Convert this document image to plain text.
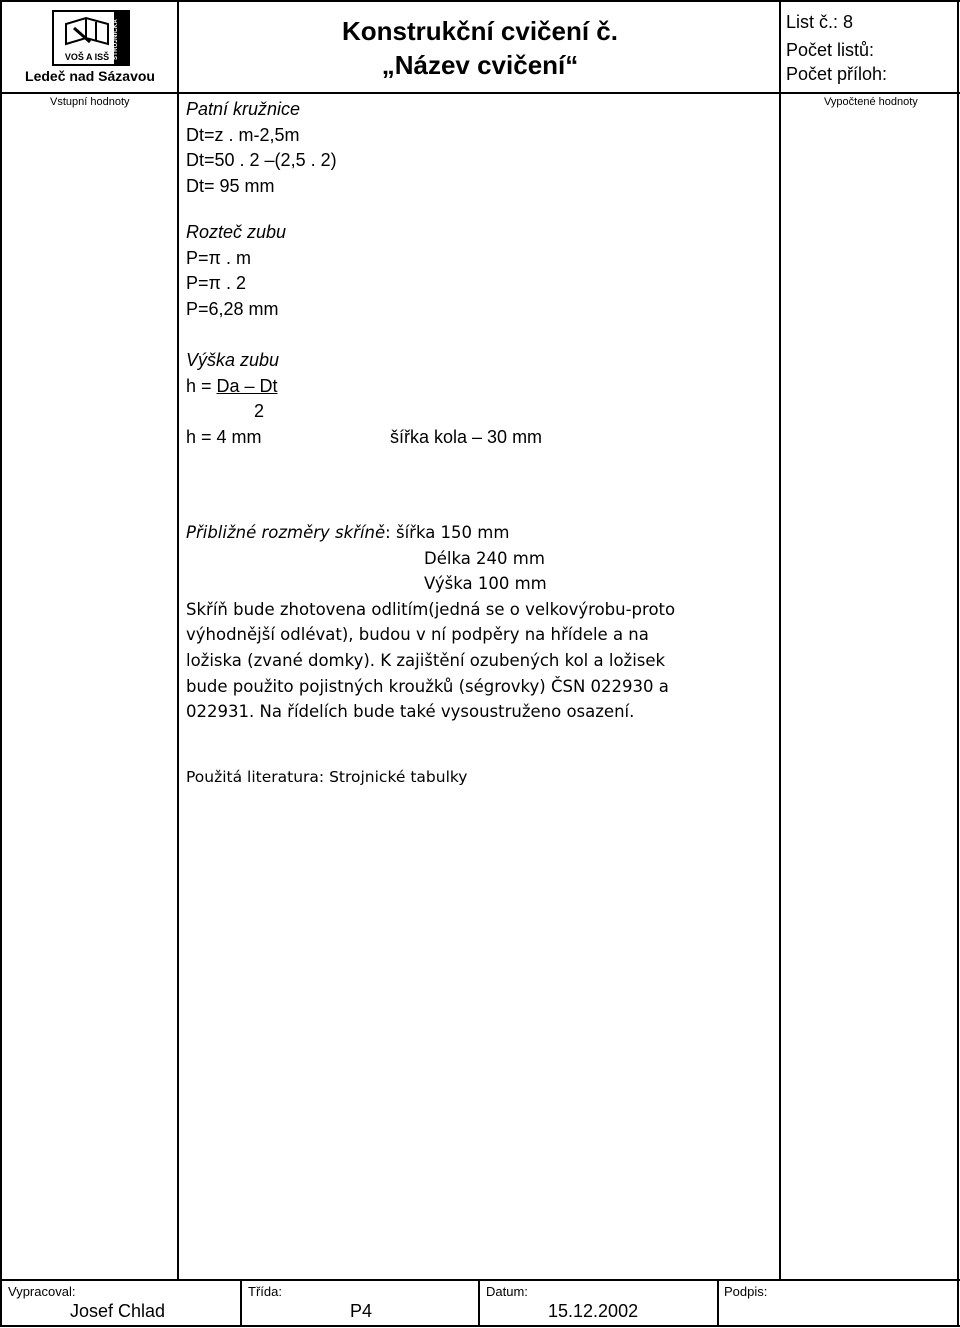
STROJNICKÁ
VOŠ A ISŠ
Ledeč nad Sázavou
Konstrukční cvičení č.
„Název cvičení“
List č.: 8
Počet listů:
Počet příloh:
Vstupní hodnoty	Vypočtené hodnoty
Patní kružnice
Dt=z . m-2,5m
Dt=50 . 2 –(2,5 . 2)
Dt= 95 mm
Rozteč zubu
P=π . m
P=π . 2
P=6,28 mm
Výška zubu
h = Da – Dt
2
h = 4 mm	šířka kola – 30 mm
Přibližné rozměry skříně: šířka 150 mm
Délka 240 mm
Výška 100 mm
Skříň bude zhotovena odlitím(jedná se o velkovýrobu-proto
výhodnější odlévat), budou v ní podpěry na hřídele a na
ložiska (zvané domky). K zajištění ozubených kol a ložisek
bude použito pojistných kroužků (ségrovky) ČSN 022930 a
022931. Na řídelích bude také vysoustruženo osazení.
Použitá literatura: Strojnické tabulky
Vypracoval:
Josef Chlad
Třída:
P4
Datum:
15.12.2002
Podpis:
